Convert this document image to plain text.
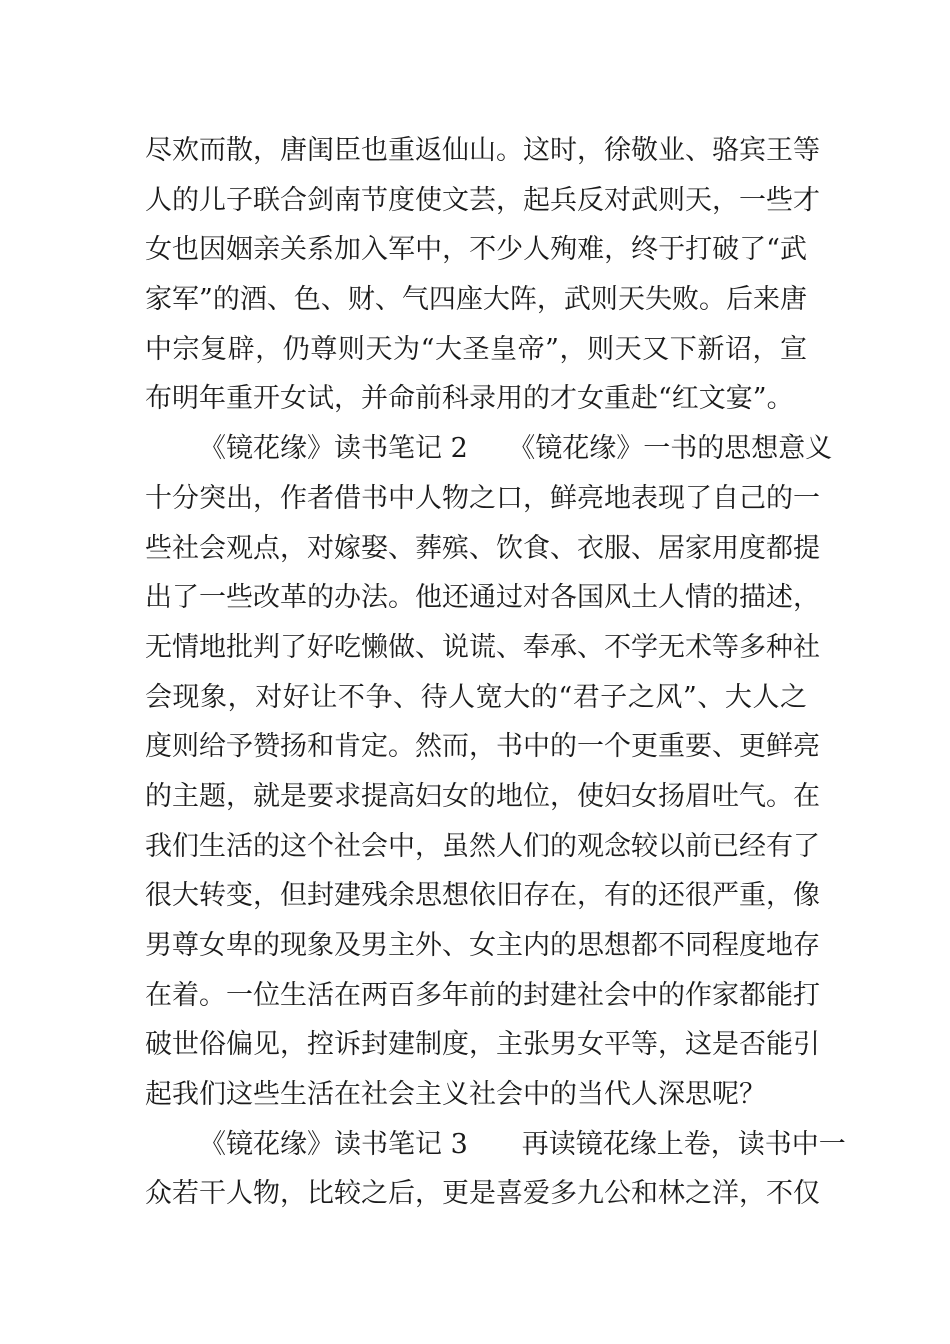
尽欢而散，唐闺臣也重返仙山。这时，徐敬业、骆宾王等
人的儿子联合剑南节度使文芸，起兵反对武则天，一些才
女也因姻亲关系加入军中，不少人殉难，终于打破了“武
家军”的酒、色、财、气四座大阵，武则天失败。后来唐
中宗复辟，仍尊则天为“大圣皇帝”，则天又下新诏，宣
布明年重开女试，并命前科录用的才女重赴“红文宴”。
《镜花缘》读书笔记 2　　《镜花缘》一书的思想意义
十分突出，作者借书中人物之口，鲜亮地表现了自己的一
些社会观点，对嫁娶、葬殡、饮食、衣服、居家用度都提
出了一些改革的办法。他还通过对各国风土人情的描述，
无情地批判了好吃懒做、说谎、奉承、不学无术等多种社
会现象，对好让不争、待人宽大的“君子之风”、大人之
度则给予赞扬和肯定。然而，书中的一个更重要、更鲜亮
的主题，就是要求提高妇女的地位，使妇女扬眉吐气。在
我们生活的这个社会中，虽然人们的观念较以前已经有了
很大转变，但封建残余思想依旧存在，有的还很严重，像
男尊女卑的现象及男主外、女主内的思想都不同程度地存
在着。一位生活在两百多年前的封建社会中的作家都能打
破世俗偏见，控诉封建制度，主张男女平等，这是否能引
起我们这些生活在社会主义社会中的当代人深思呢？
《镜花缘》读书笔记 3　　再读镜花缘上卷，读书中一
众若干人物，比较之后，更是喜爱多九公和林之洋，不仅
